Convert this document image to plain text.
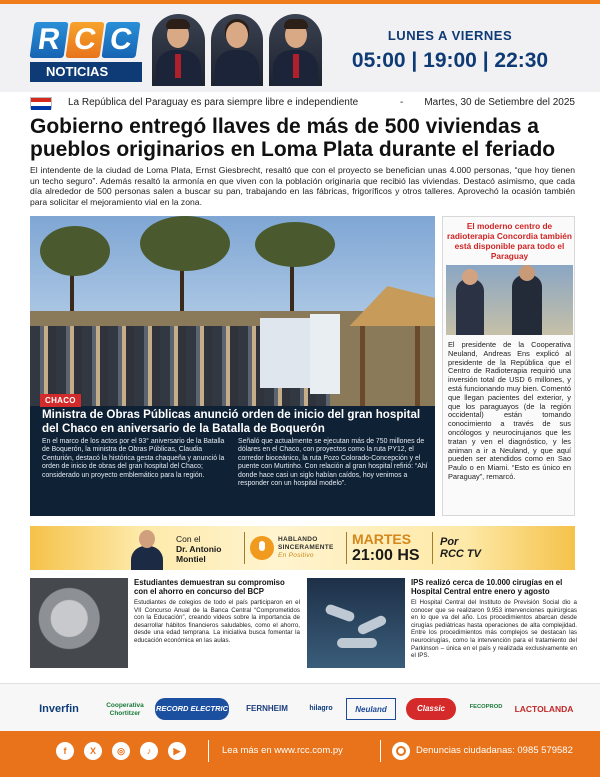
R C C
NOTICIAS
LUNES A VIERNES
05:00 | 19:00 | 22:30
La República del Paraguay es para siempre libre e independiente	- Martes, 30 de Setiembre del 2025
Gobierno entregó llaves de más de 500 viviendas a pueblos originarios en Loma Plata durante el feriado
El intendente de la ciudad de Loma Plata, Ernst Giesbrecht, resaltó que con el proyecto se benefician unas 4.000 personas, “que hoy tienen un techo seguro”. Además resaltó la armonía en que viven con la población originaria que recibió las viviendas. Destacó asimismo, que cada día alrededor de 500 personas salen a buscar su pan, trabajando en las fábricas, frigoríficos y otros talleres. Aprovechó la ocasión también para solicitar el mejoramiento vial en la zona.
CHACO
Ministra de Obras Públicas anunció orden de inicio del gran hospital del Chaco en aniversario de la Batalla de Boquerón
En el marco de los actos por el 93° aniversario de la Batalla de Boquerón, la ministra de Obras Públicas, Claudia Centurión, destacó la histórica gesta chaqueña y anunció la orden de inicio de obras del gran hospital del Chaco; considerado un proyecto emblemático para la región.
Señaló que actualmente se ejecutan más de 750 millones de dólares en el Chaco, con proyectos como la ruta PY12, el corredor bioceánico, la ruta Pozo Colorado-Concepción y el puente con Murtinho. Con relación al gran hospital refirió: “Ahí donde hace casi un siglo habían caídos, hoy venimos a responder con un hospital modelo”.
El moderno centro de radioterapia Concordia también está disponible para todo el Paraguay
El presidente de la Cooperativa Neuland, Andreas Ens explicó al presidente de la República que el Centro de Radioterapia requirió una inversión total de USD 6 millones, y está funcionando muy bien. Comentó que llegan pacientes del exterior, y que los paraguayos (de la región occidental) están tomando conocimiento a través de sus oncólogos y neurocirujanos que les tratan y ven el diagnóstico, y les animan a ir a Neuland, y que aquí pueden ser atendidos como en Sao Paulo o en Miami. “Esto es único en Paraguay”, remarcó.
Con el
Dr. Antonio Montiel
HABLANDO
SINCERAMENTE
En Positivo
MARTES
21:00 HS
Por
RCC TV
Estudiantes demuestran su compromiso con el ahorro en concurso del BCP
Estudiantes de colegios de todo el país participaron en el VII Concurso Anual de la Banca Central “Comprometidos con la Educación”, creando videos sobre la importancia de desarrollar hábitos financieros saludables, como el ahorro, desde una edad temprana. La iniciativa busca fomentar la educación económica en las aulas.
IPS realizó cerca de 10.000 cirugías en el Hospital Central entre enero y agosto
El Hospital Central del Instituto de Previsión Social dio a conocer que se realizaron 9.953 intervenciones quirúrgicas en lo que va del año. Los procedimientos abarcan desde cirugías pediátricas hasta operaciones de alta complejidad. Entre los procedimientos más complejos se destacan las neurocirugías, como la intervención para el tratamiento del Parkinson – única en el país y realizada exclusivamente en el IPS.
Inverfin	Cooperativa Chortitzer
RECORD ELECTRIC	FERNHEIM	hilagro	Neuland	Classic	FECOPROD	LACTOLANDA
f	X	◎	♪	▶	Lea más en www.rcc.com.py	Denuncias ciudadanas: 0985 579582
